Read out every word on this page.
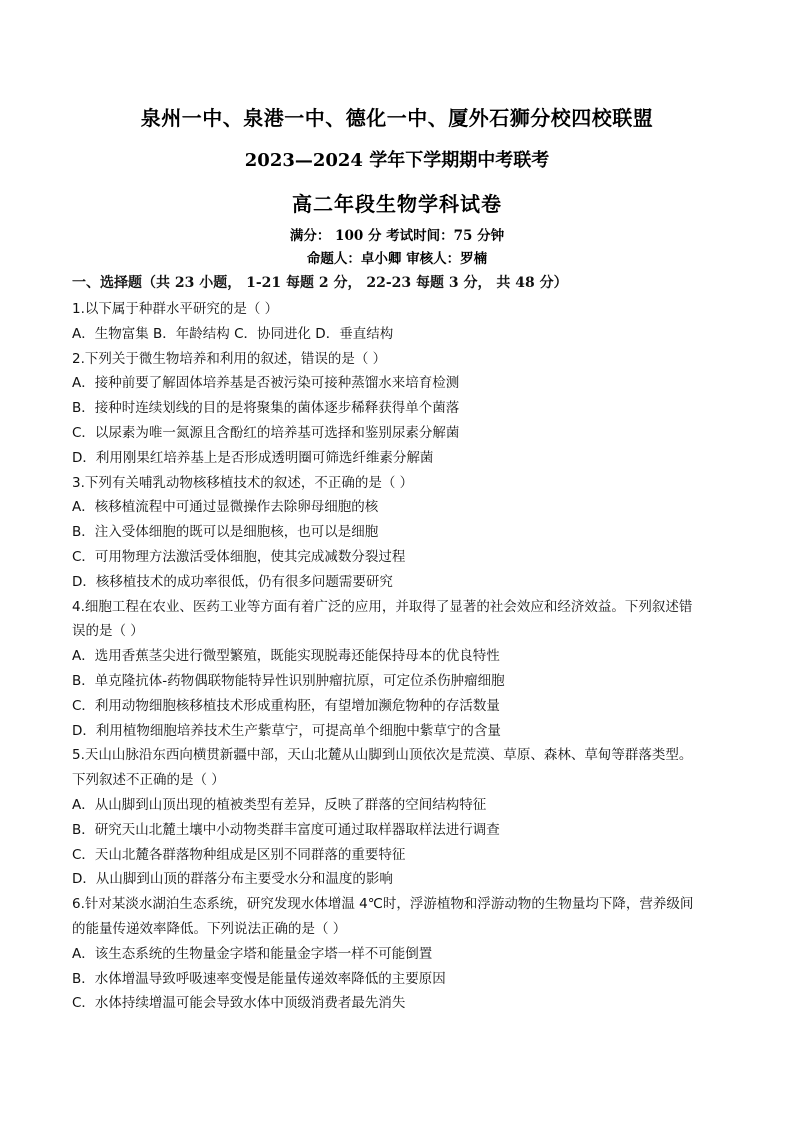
泉州一中、泉港一中、德化一中、厦外石狮分校四校联盟
2023—2024 学年下学期期中考联考
高二年段生物学科试卷
满分： 100 分 考试时间：75 分钟
命题人：卓小卿 审核人：罗楠
一、选择题（共 23 小题， 1-21 每题 2 分， 22-23 每题 3 分， 共 48 分）
1.以下属于种群水平研究的是（ ）
A．生物富集 B．年龄结构 C．协同进化 D．垂直结构
2.下列关于微生物培养和利用的叙述，错误的是（ ）
A．接种前要了解固体培养基是否被污染可接种蒸馏水来培育检测
B．接种时连续划线的目的是将聚集的菌体逐步稀释获得单个菌落
C．以尿素为唯一氮源且含酚红的培养基可选择和鉴别尿素分解菌
D．利用刚果红培养基上是否形成透明圈可筛选纤维素分解菌
3.下列有关哺乳动物核移植技术的叙述，不正确的是（ ）
A．核移植流程中可通过显微操作去除卵母细胞的核
B．注入受体细胞的既可以是细胞核，也可以是细胞
C．可用物理方法激活受体细胞，使其完成减数分裂过程
D．核移植技术的成功率很低，仍有很多问题需要研究
4.细胞工程在农业、医药工业等方面有着广泛的应用，并取得了显著的社会效应和经济效益。下列叙述错
误的是（ ）
A．选用香蕉茎尖进行微型繁殖，既能实现脱毒还能保持母本的优良特性
B．单克隆抗体-药物偶联物能特异性识别肿瘤抗原，可定位杀伤肿瘤细胞
C．利用动物细胞核移植技术形成重构胚，有望增加濒危物种的存活数量
D．利用植物细胞培养技术生产紫草宁，可提高单个细胞中紫草宁的含量
5.天山山脉沿东西向横贯新疆中部，天山北麓从山脚到山顶依次是荒漠、草原、森林、草甸等群落类型。
下列叙述不正确的是（ ）
A．从山脚到山顶出现的植被类型有差异，反映了群落的空间结构特征
B．研究天山北麓土壤中小动物类群丰富度可通过取样器取样法进行调查
C．天山北麓各群落物种组成是区别不同群落的重要特征
D．从山脚到山顶的群落分布主要受水分和温度的影响
6.针对某淡水湖泊生态系统，研究发现水体增温 4℃时，浮游植物和浮游动物的生物量均下降，营养级间
的能量传递效率降低。下列说法正确的是（ ）
A．该生态系统的生物量金字塔和能量金字塔一样不可能倒置
B．水体增温导致呼吸速率变慢是能量传递效率降低的主要原因
C．水体持续增温可能会导致水体中顶级消费者最先消失
